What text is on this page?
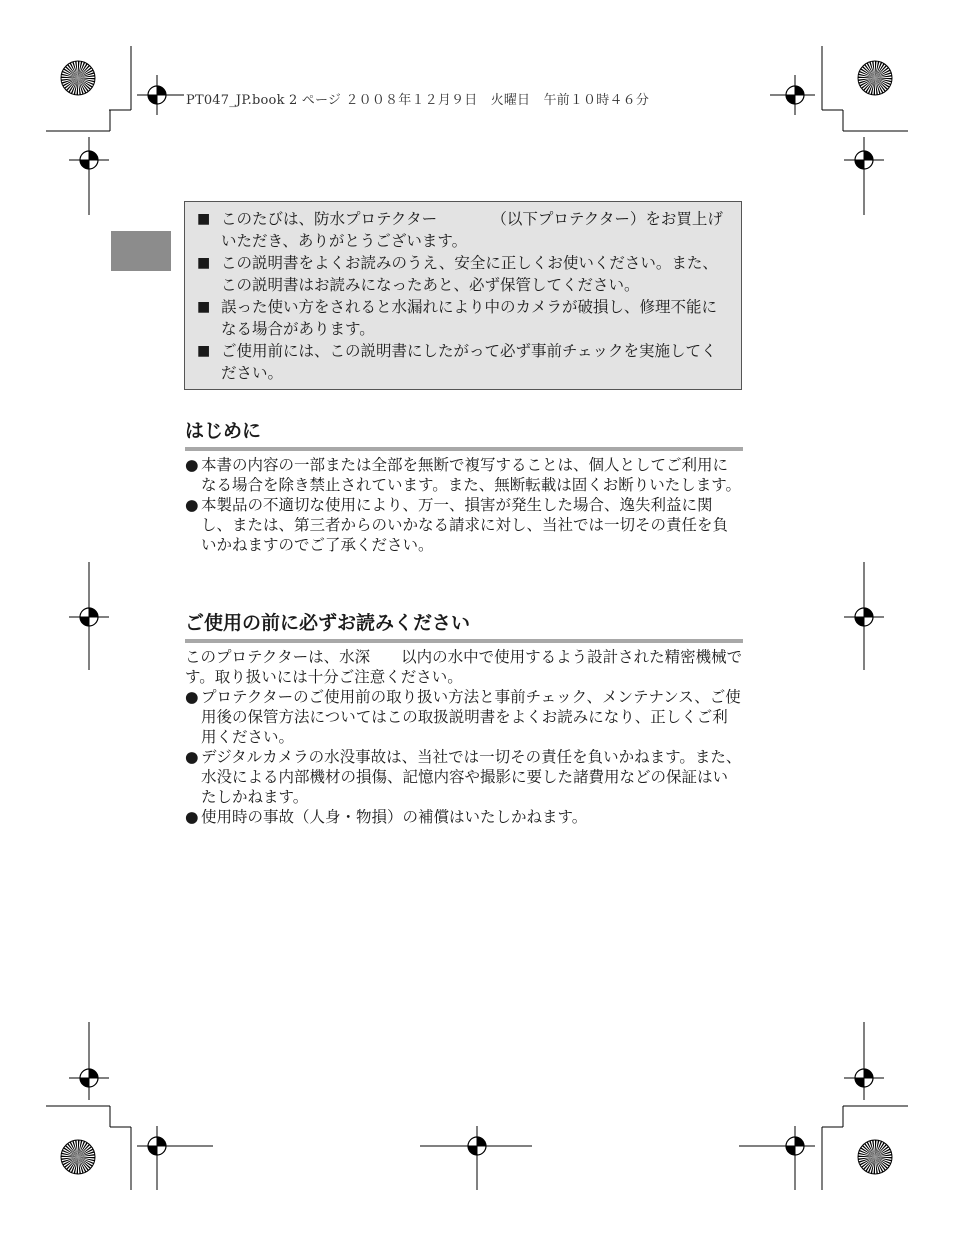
PT047_JP.book 2 ページ ２００８年１２月９日　火曜日　午前１０時４６分
■ このたびは、防水プロテクター　　　　（以下プロテクター）をお買上げいただき、ありがとうございます。
■ この説明書をよくお読みのうえ、安全に正しくお使いください。また、この説明書はお読みになったあと、必ず保管してください。
■ 誤った使い方をされると水漏れにより中のカメラが破損し、修理不能になる場合があります。
■ ご使用前には、この説明書にしたがって必ず事前チェックを実施してください。
はじめに
● 本書の内容の一部または全部を無断で複写することは、個人としてご利用になる場合を除き禁止されています。また、無断転載は固くお断りいたします。
● 本製品の不適切な使用により、万一、損害が発生した場合、逸失利益に関し、または、第三者からのいかなる請求に対し、当社では一切その責任を負いかねますのでご了承ください。
ご使用の前に必ずお読みください
このプロテクターは、水深　　以内の水中で使用するよう設計された精密機械です。取り扱いには十分ご注意ください。
● プロテクターのご使用前の取り扱い方法と事前チェック、メンテナンス、ご使用後の保管方法についてはこの取扱説明書をよくお読みになり、正しくご利用ください。
● デジタルカメラの水没事故は、当社では一切その責任を負いかねます。また、水没による内部機材の損傷、記憶内容や撮影に要した諸費用などの保証はいたしかねます。
● 使用時の事故（人身・物損）の補償はいたしかねます。
